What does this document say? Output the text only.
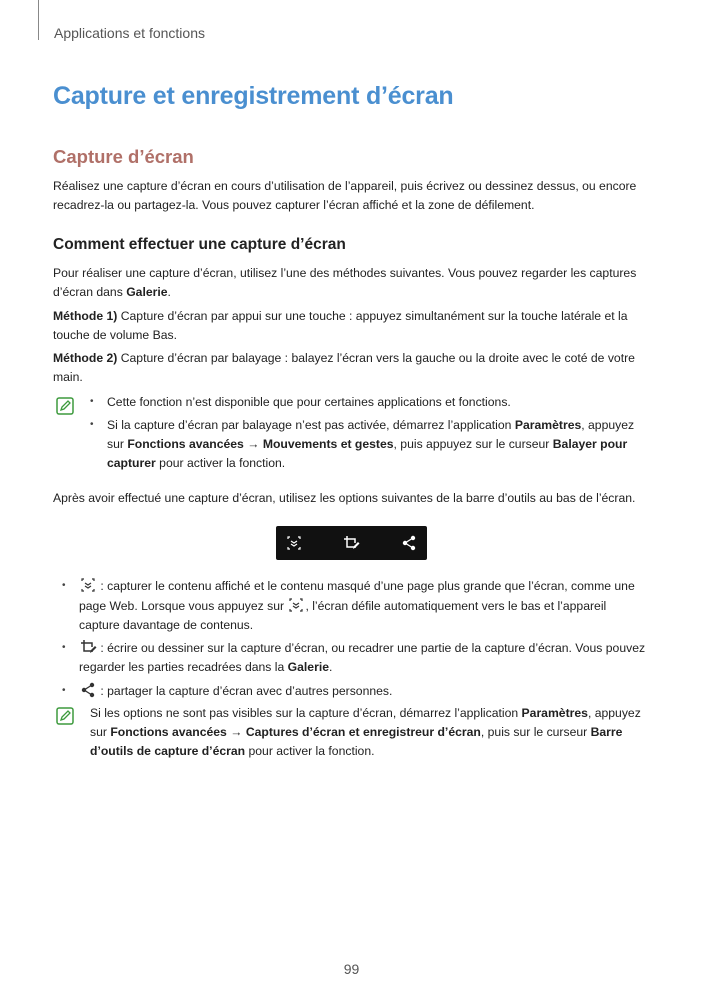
Applications et fonctions
Capture et enregistrement d’écran
Capture d’écran
Réalisez une capture d’écran en cours d’utilisation de l’appareil, puis écrivez ou dessinez dessus, ou encore recadrez-la ou partagez-la. Vous pouvez capturer l’écran affiché et la zone de défilement.
Comment effectuer une capture d’écran
Pour réaliser une capture d’écran, utilisez l’une des méthodes suivantes. Vous pouvez regarder les captures d’écran dans Galerie.
Méthode 1) Capture d’écran par appui sur une touche : appuyez simultanément sur la touche latérale et la touche de volume Bas.
Méthode 2) Capture d’écran par balayage : balayez l’écran vers la gauche ou la droite avec le coté de votre main.
• Cette fonction n’est disponible que pour certaines applications et fonctions.
• Si la capture d’écran par balayage n’est pas activée, démarrez l’application Paramètres, appuyez sur Fonctions avancées → Mouvements et gestes, puis appuyez sur le curseur Balayer pour capturer pour activer la fonction.
Après avoir effectué une capture d’écran, utilisez les options suivantes de la barre d’outils au bas de l’écran.
•	: capturer le contenu affiché et le contenu masqué d’une page plus grande que l’écran, comme une page Web. Lorsque vous appuyez sur , l’écran défile automatiquement vers le bas et l’appareil capture davantage de contenus.
•	: écrire ou dessiner sur la capture d’écran, ou recadrer une partie de la capture d’écran. Vous pouvez regarder les parties recadrées dans la Galerie.
•	: partager la capture d’écran avec d’autres personnes.
Si les options ne sont pas visibles sur la capture d’écran, démarrez l’application Paramètres, appuyez sur Fonctions avancées → Captures d’écran et enregistreur d’écran, puis sur le curseur Barre d’outils de capture d’écran pour activer la fonction.
99
